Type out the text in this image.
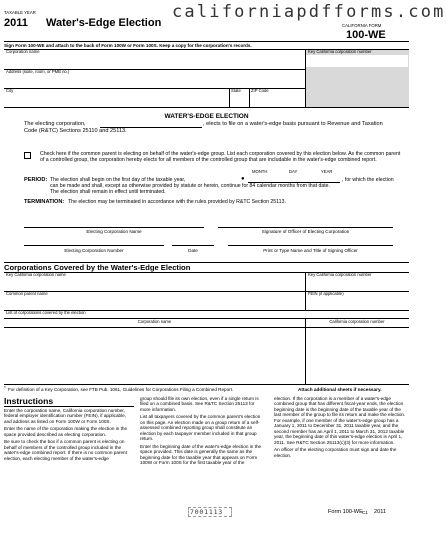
TAXABLE YEAR
2011 Water's-Edge Election
californiapdfforms.com
CALIFORNIA FORM
100-WE
Sign Form 100-WE and attach to the back of Form 100W or Form 100S. Keep a copy for the corporation's records.
Corporation name	Key California corporation number
Address (suite, room, or PMB no.)
City	State ZIP Code
WATER'S-EDGE ELECTION
The electing corporation,	, elects to file on a water's-edge basis pursuant to Revenue and Taxation
Code (R&TC) Sections 25110 and 25113.
Check here if the common parent is electing on behalf of the water's-edge group. List each corporation covered by this election below. As the common parent of a controlled group, the corporation hereby elects for all members of the controlled group that are includable in the water's-edge combined report.
MONTH	DAY	YEAR
PERIOD: The election shall begin on the first day of the taxable year,	●	, for which the election
can be made and shall, except as otherwise provided by statute or herein, continue for 84 calendar months from that date.
The election shall remain in effect until terminated.
TERMINATION: The election may be terminated in accordance with the rules provided by R&TC Section 25113.
Electing Corporation Name	Signature of Officer of Electing Corporation
Electing Corporation Number	Date	Print or Type Name and Title of Signing Officer
Corporations Covered by the Water's-Edge Election
Key California corporation name	Key California corporation number
Common parent name	FEIN (if applicable)
List of corporations covered by the election
Corporation name	California corporation number
* For definition of a Key Corporation, see FTB Pub. 1061, Guidelines for Corporations Filing a Combined Report.	Attach additional sheets if necessary.
Instructions

Enter the corporation name, California corporation number, federal employer identification number (FEIN), if applicable, and address as listed on Form 100W or Form 100S.

Enter the name of the corporation making the election in the space provided described as electing corporation.

Be sure to check the box if a common parent is electing on behalf of members of the controlled group included in the water's-edge combined report. If there is no common parent election, each electing member of the water's-edge

group should file its own election, even if a single return is filed on a combined basis. See R&TC Section 25113 for more information.

List all taxpayers covered by the common parent's election on this page. An election made on a group return of a self-assessed combined reporting group shall constitute an election by each taxpayer member included in that group return.

Enter the beginning date of the water's-edge election in the space provided. This date is generally the same as the beginning date for the taxable year that appears on Form 100W or Form 100S for the first taxable year of the

election. If the corporation is a member of a water's-edge combined group that has different fiscal-year ends, the election beginning date is the beginning date of the taxable year of the last member of the group to file its return and make the election. For example, if one member of the water's-edge group has a January 1, 2011 to December 31, 2011 taxable year, and the second member has an April 1, 2011 to March 31, 2012 taxable year, the beginning date of this water's-edge election is April 1, 2011. See R&TC Section 25113(c)(3) for more information.

An officer of the electing corporation must sign and date the election.

7001113	Form 100-WE C1 2011
